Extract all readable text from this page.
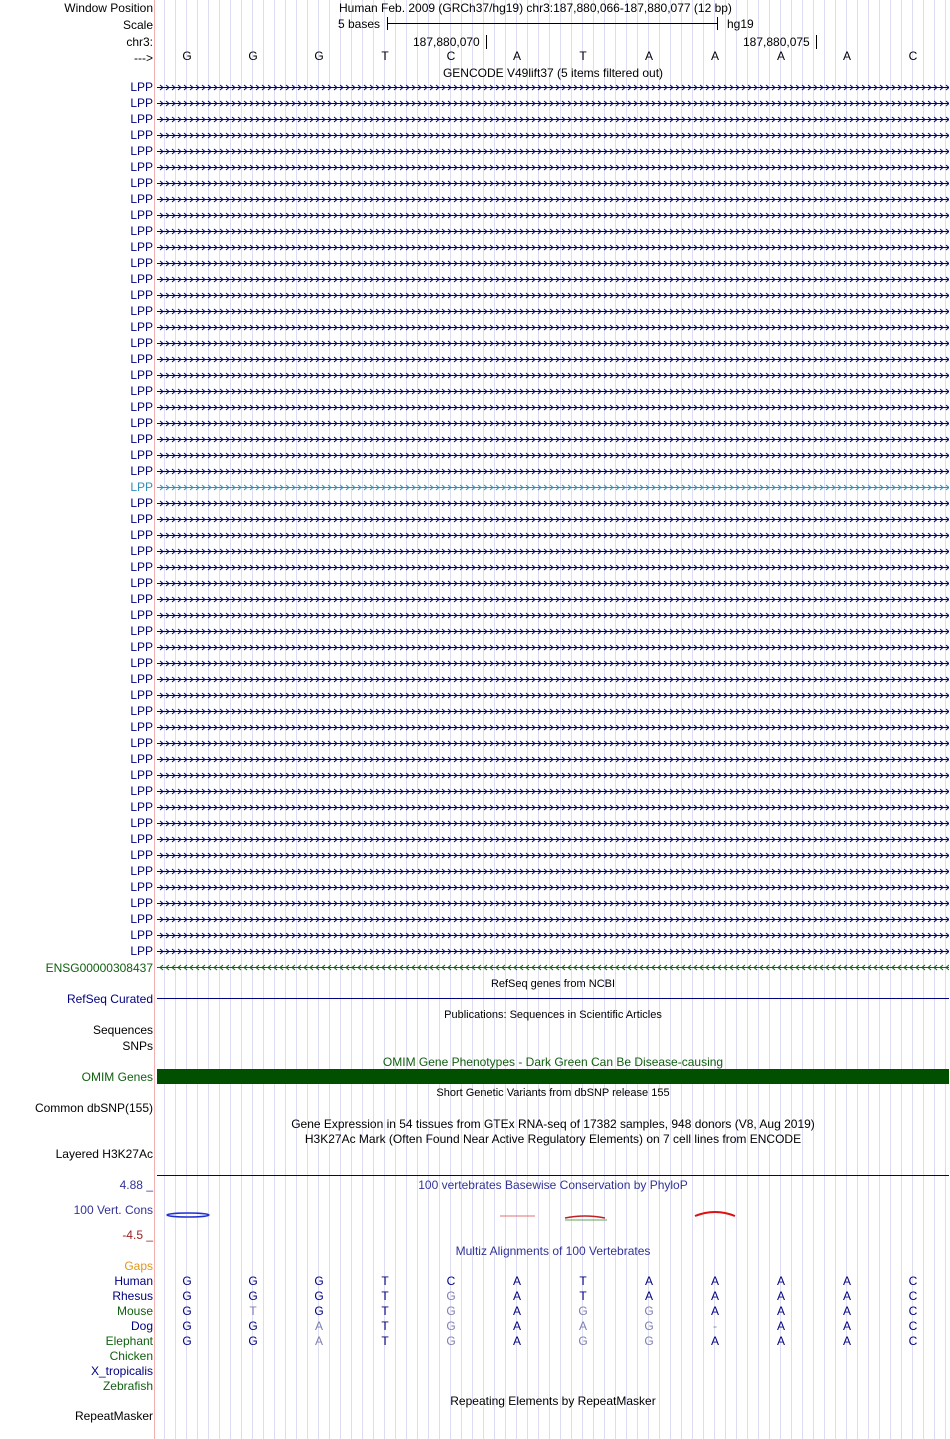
Window Position
Scale
chr3:
--->
Human Feb. 2009 (GRCh37/hg19) chr3:187,880,066-187,880,077 (12 bp)
5 bases	hg19
187,880,070	187,880,075
G	G	G	T	C	A	T	A	A	A	A	C
GENCODE V49lift37 (5 items filtered out)
LPP
LPP
LPP
LPP
LPP
LPP
LPP
LPP
LPP
LPP
LPP
LPP
LPP
LPP
LPP
LPP
LPP
LPP
LPP
LPP
LPP
LPP
LPP
LPP
LPP
LPP
LPP
LPP
LPP
LPP
LPP
LPP
LPP
LPP
LPP
LPP
LPP
LPP
LPP
LPP
LPP
LPP
LPP
LPP
LPP
LPP
LPP
LPP
LPP
LPP
LPP
LPP
LPP
LPP
LPP
ENSG00000308437
RefSeq genes from NCBI
RefSeq Curated
Publications: Sequences in Scientific Articles
Sequences
SNPs
OMIM Gene Phenotypes - Dark Green Can Be Disease-causing
OMIM Genes
Short Genetic Variants from dbSNP release 155
Common dbSNP(155)
Gene Expression in 54 tissues from GTEx RNA-seq of 17382 samples, 948 donors (V8, Aug 2019)
H3K27Ac Mark (Often Found Near Active Regulatory Elements) on 7 cell lines from ENCODE
Layered H3K27Ac
100 vertebrates Basewise Conservation by PhyloP
4.88 _
100 Vert. Cons
-4.5 _
Multiz Alignments of 100 Vertebrates
Gaps
Human	G	G	G	T	C	A	T	A	A	A	A	C
Rhesus	G	G	G	T	G	A	T	A	A	A	A	C
Mouse	G	T	G	T	G	A	G	G	A	A	A	C
Dog	G	G	A	T	G	A	A	G	-	A	A	C
Elephant	G	G	A	T	G	A	G	G	A	A	A	C
Chicken
X_tropicalis
Zebrafish
Repeating Elements by RepeatMasker
RepeatMasker
